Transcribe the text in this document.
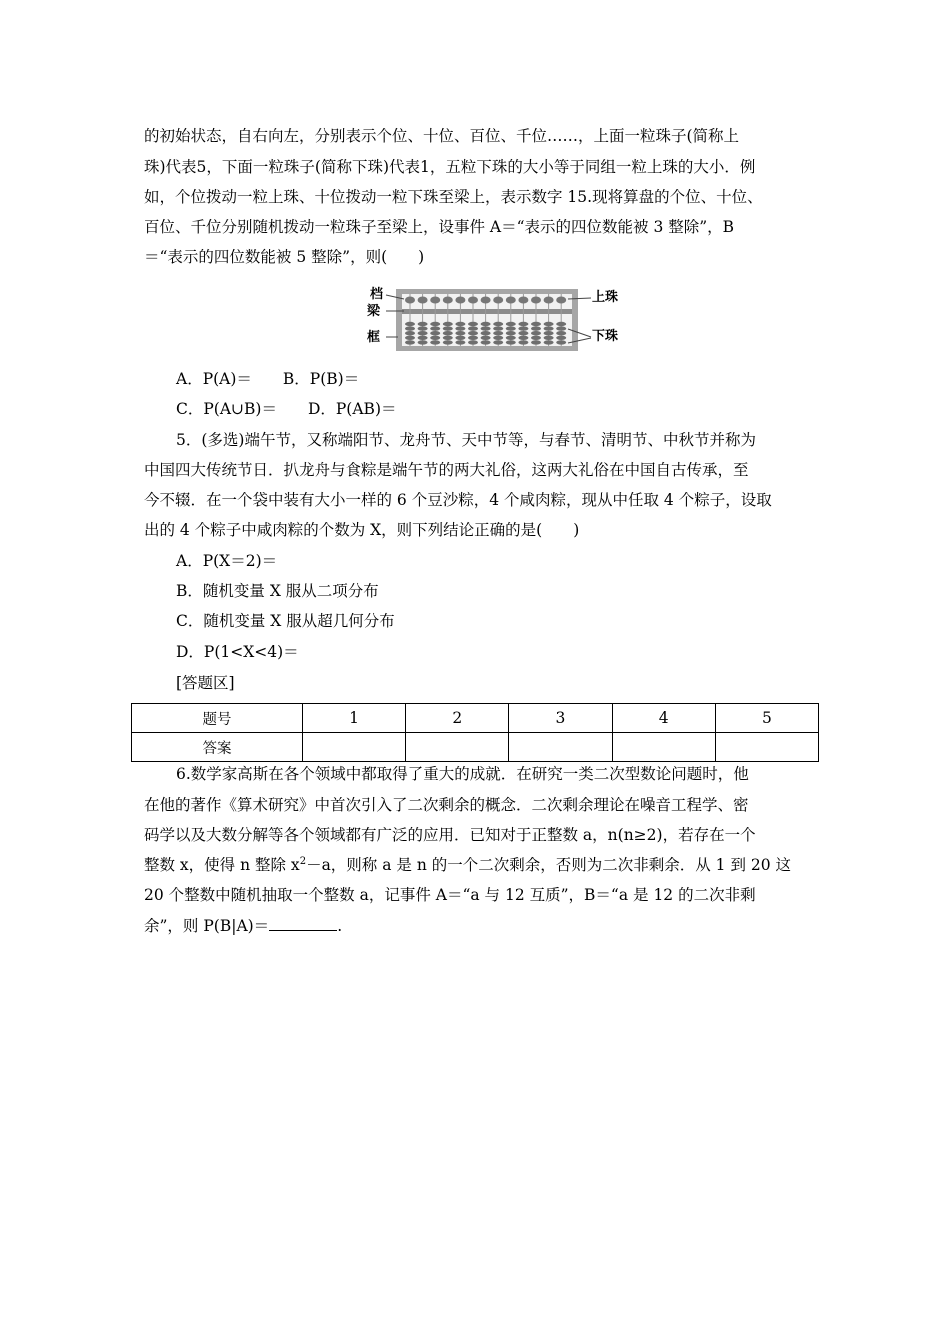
的初始状态，自右向左，分别表示个位、十位、百位、千位……，上面一粒珠子(简称上
珠)代表5，下面一粒珠子(简称下珠)代表1，五粒下珠的大小等于同组一粒上珠的大小．例
如，个位拨动一粒上珠、十位拨动一粒下珠至梁上，表示数字 15.现将算盘的个位、十位、
百位、千位分别随机拨动一粒珠子至梁上，设事件 A＝“表示的四位数能被 3 整除”，B
＝“表示的四位数能被 5 整除”，则(　　)
档
梁
框
上珠
下珠
A．P(A)＝　　B．P(B)＝
C．P(A∪B)＝　　D．P(AB)＝
5．(多选)端午节，又称端阳节、龙舟节、天中节等，与春节、清明节、中秋节并称为
中国四大传统节日．扒龙舟与食粽是端午节的两大礼俗，这两大礼俗在中国自古传承，至
今不辍．在一个袋中装有大小一样的 6 个豆沙粽，4 个咸肉粽，现从中任取 4 个粽子，设取
出的 4 个粽子中咸肉粽的个数为 X，则下列结论正确的是(　　)
A．P(X＝2)＝
B．随机变量 X 服从二项分布
C．随机变量 X 服从超几何分布
D．P(1<X<4)＝
[答题区]
题号	1	2	3	4	5
答案					
6.数学家高斯在各个领域中都取得了重大的成就．在研究一类二次型数论问题时，他
在他的著作《算术研究》中首次引入了二次剩余的概念．二次剩余理论在噪音工程学、密
码学以及大数分解等各个领域都有广泛的应用．已知对于正整数 a，n(n≥2)，若存在一个
整数 x，使得 n 整除 $x^2-a$，则称 a 是 n 的一个二次剩余，否则为二次非剩余．从 1 到 20 这
20 个整数中随机抽取一个整数 a，记事件 A＝“a 与 12 互质”，B＝“a 是 12 的二次非剩
余”，则 P(B|A)＝	.
